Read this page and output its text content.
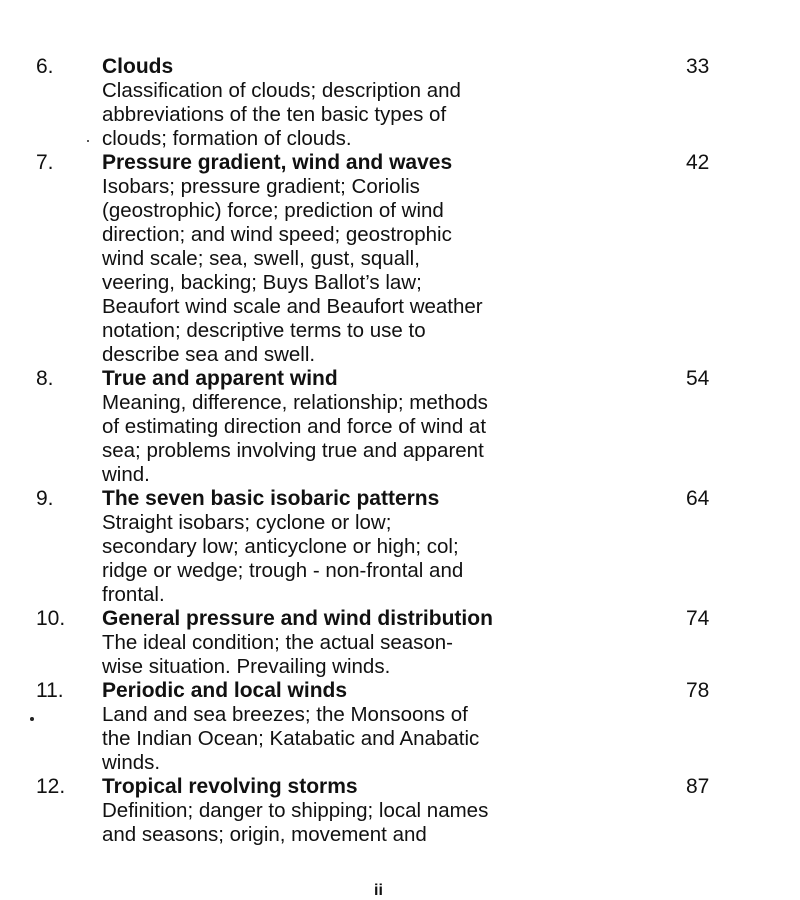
6. Clouds	33
Classification of clouds; description and
abbreviations of the ten basic types of
clouds; formation of clouds.
7. Pressure gradient, wind and waves	42
Isobars; pressure gradient; Coriolis
(geostrophic) force; prediction of wind
direction; and wind speed; geostrophic
wind scale; sea, swell, gust, squall,
veering, backing; Buys Ballot’s law;
Beaufort wind scale and Beaufort weather
notation; descriptive terms to use to
describe sea and swell.
8. True and apparent wind	54
Meaning, difference, relationship; methods
of estimating direction and force of wind at
sea; problems involving true and apparent
wind.
9. The seven basic isobaric patterns	64
Straight isobars; cyclone or low;
secondary low; anticyclone or high; col;
ridge or wedge; trough - non-frontal and
frontal.
10. General pressure and wind distribution	74
The ideal condition; the actual season-
wise situation. Prevailing winds.
11. Periodic and local winds	78
Land and sea breezes; the Monsoons of
the Indian Ocean; Katabatic and Anabatic
winds.
12. Tropical revolving storms	87
Definition; danger to shipping; local names
and seasons; origin, movement and
ii
